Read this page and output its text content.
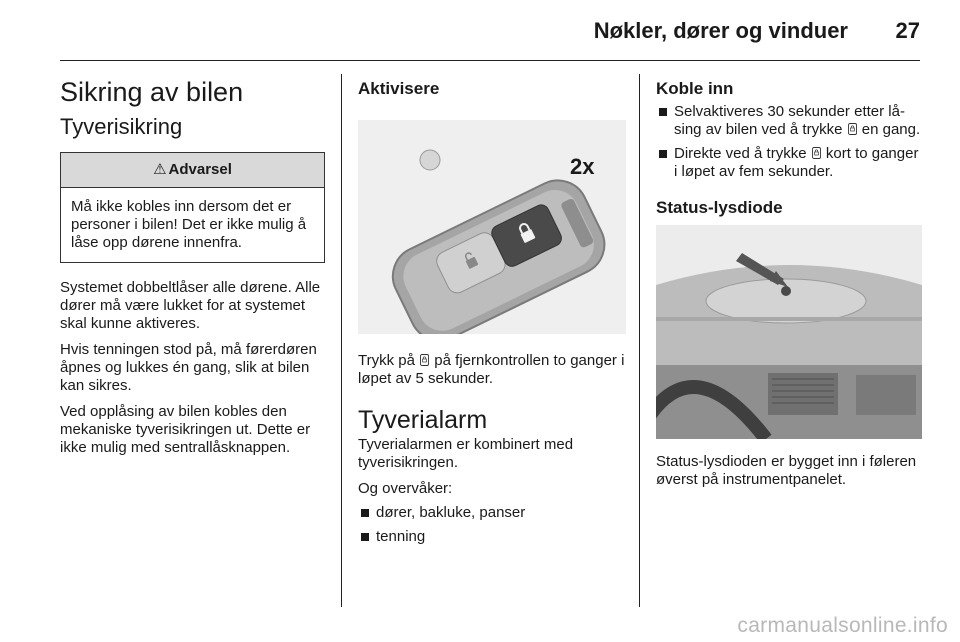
Nøkler, dører og vinduer 27
Sikring av bilen
Tyverisikring
⚠ Advarsel
Må ikke kobles inn dersom det er personer i bilen! Det er ikke mulig å låse opp dørene innenfra.

Systemet dobbeltlåser alle dørene. Alle dører må være lukket for at systemet skal kunne aktiveres.

Hvis tenningen stod på, må førerdøren åpnes og lukkes én gang, slik at bilen kan sikres.

Ved opplåsing av bilen kobles den mekaniske tyverisikringen ut. Dette er ikke mulig med sentrallåsknappen.

Aktivisere
2x

Trykk på på fjernkontrollen to ganger i løpet av 5 sekunder.

Tyverialarm

Tyverialarmen er kombinert med tyverisikringen.

Og overvåker:

dører, bakluke, panser
tenning
Koble inn
Selvaktiveres 30 sekunder etter låsing av bilen ved å trykke en gang.
Direkte ved å trykke kort to ganger i løpet av fem sekunder.
Status-lysdiode

Status-lysdioden er bygget inn i føleren øverst på instrumentpanelet.

carmanualsonline.info
